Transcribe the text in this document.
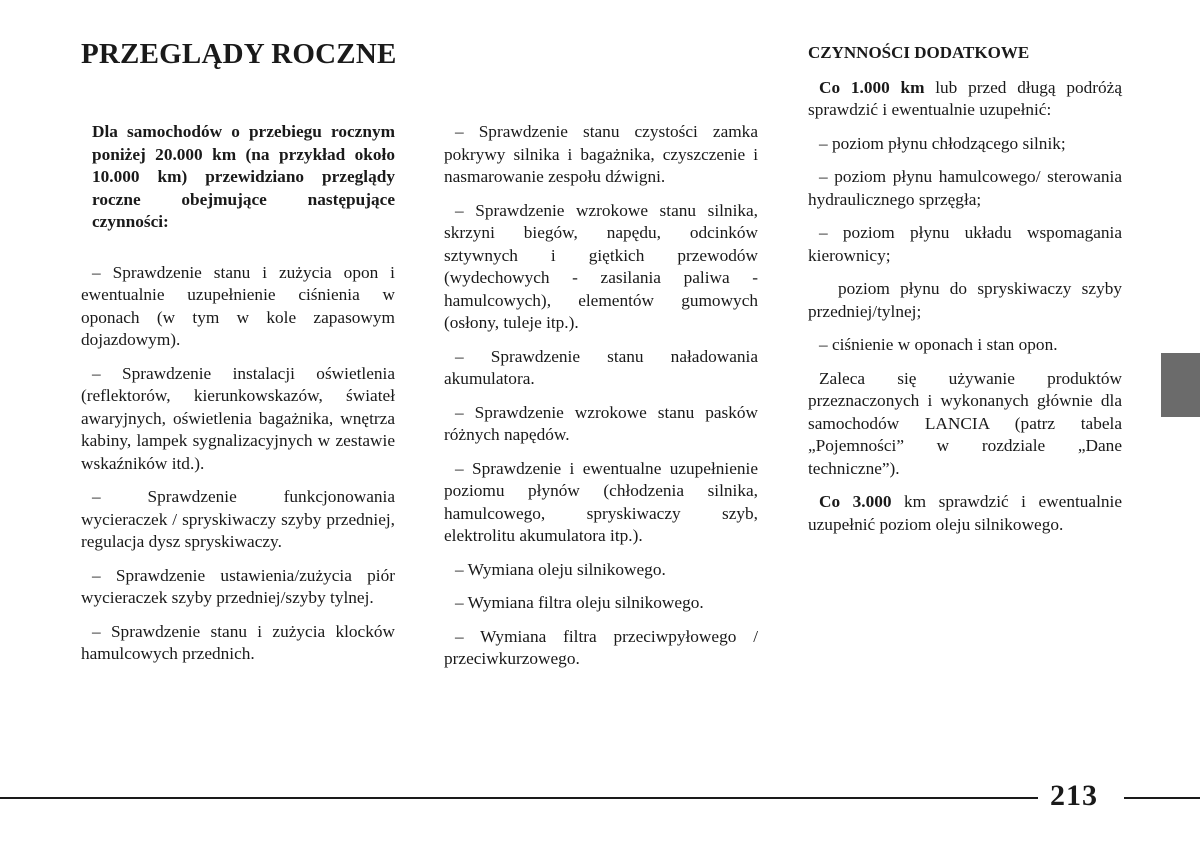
PRZEGLĄDY ROCZNE

Dla samochodów o przebiegu rocznym poniżej 20.000 km (na przykład około 10.000 km) przewidziano przeglądy roczne obejmujące następujące czynności:

– Sprawdzenie stanu i zużycia opon i ewentualnie uzupełnienie ciśnienia w oponach (w tym w kole zapasowym dojazdowym).

– Sprawdzenie instalacji oświetlenia (reflektorów, kierunkowskazów, świateł awaryjnych, oświetlenia bagażnika, wnętrza kabiny, lampek sygnalizacyjnych w zestawie wskaźników itd.).

– Sprawdzenie funkcjonowania wycieraczek / spryskiwaczy szyby przedniej, regulacja dysz spryskiwaczy.

– Sprawdzenie ustawienia/zużycia piór wycieraczek szyby przedniej/szyby tylnej.

– Sprawdzenie stanu i zużycia klocków hamulcowych przednich.

– Sprawdzenie stanu czystości zamka pokrywy silnika i bagażnika, czyszczenie i nasmarowanie zespołu dźwigni.

– Sprawdzenie wzrokowe stanu silnika, skrzyni biegów, napędu, odcinków sztywnych i giętkich przewodów (wydechowych - zasilania paliwa - hamulcowych), elementów gumowych (osłony, tuleje itp.).

– Sprawdzenie stanu naładowania akumulatora.

– Sprawdzenie wzrokowe stanu pasków różnych napędów.

– Sprawdzenie i ewentualne uzupełnienie poziomu płynów (chłodzenia silnika, hamulcowego, spryskiwaczy szyb, elektrolitu akumulatora itp.).

– Wymiana oleju silnikowego.

– Wymiana filtra oleju silnikowego.

– Wymiana filtra przeciwpyłowego / przeciwkurzowego.

CZYNNOŚCI DODATKOWE

Co 1.000 km lub przed długą podróżą sprawdzić i ewentualnie uzupełnić:

– poziom płynu chłodzącego silnik;

– poziom płynu hamulcowego/ sterowania hydraulicznego sprzęgła;

– poziom płynu układu wspomagania kierownicy;

poziom płynu do spryskiwaczy szyby przedniej/tylnej;

– ciśnienie w oponach i stan opon.

Zaleca się używanie produktów przeznaczonych i wykonanych głównie dla samochodów LANCIA (patrz tabela „Pojemności” w rozdziale „Dane techniczne”).

Co 3.000 km sprawdzić i ewentualnie uzupełnić poziom oleju silnikowego.

213
